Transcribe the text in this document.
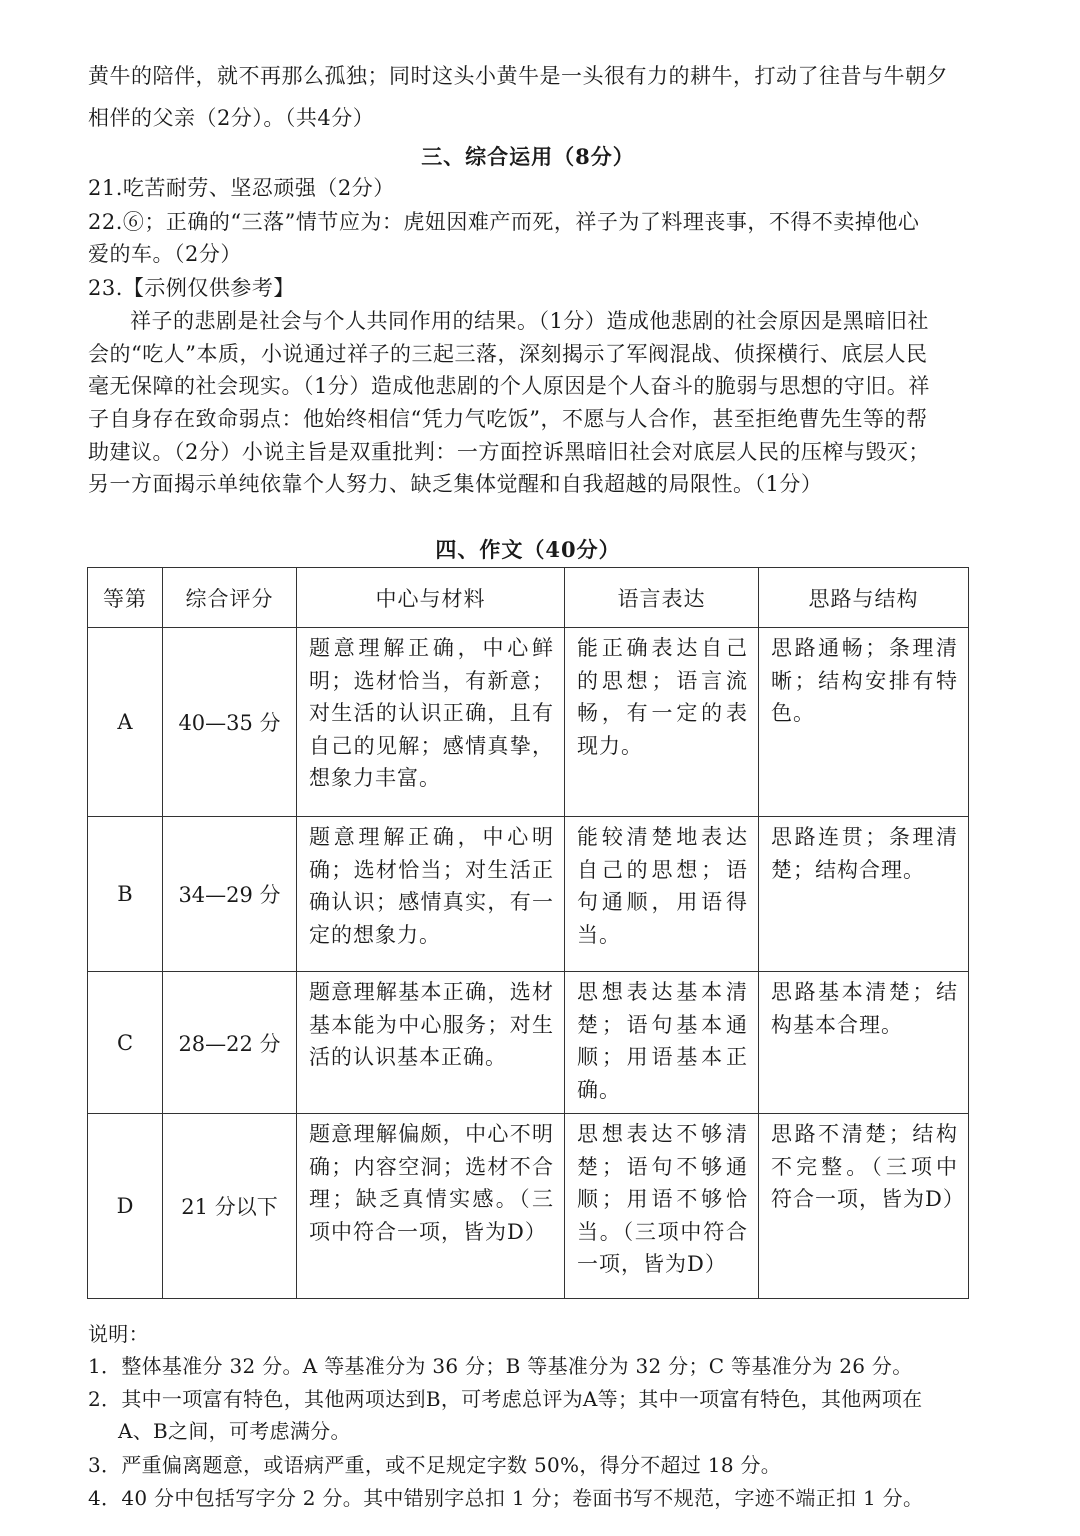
黄牛的陪伴，就不再那么孤独；同时这头小黄牛是一头很有力的耕牛，打动了往昔与牛朝夕
相伴的父亲（2分）。（共4分）
三、综合运用（8分）
21.吃苦耐劳、坚忍顽强（2分）
22.⑥；正确的“三落”情节应为：虎妞因难产而死，祥子为了料理丧事，不得不卖掉他心
爱的车。（2分）
23.【示例仅供参考】
祥子的悲剧是社会与个人共同作用的结果。（1分）造成他悲剧的社会原因是黑暗旧社
会的“吃人”本质，小说通过祥子的三起三落，深刻揭示了军阀混战、侦探横行、底层人民
毫无保障的社会现实。（1分）造成他悲剧的个人原因是个人奋斗的脆弱与思想的守旧。祥
子自身存在致命弱点：他始终相信“凭力气吃饭”，不愿与人合作，甚至拒绝曹先生等的帮
助建议。（2分）小说主旨是双重批判：一方面控诉黑暗旧社会对底层人民的压榨与毁灭；
另一方面揭示单纯依靠个人努力、缺乏集体觉醒和自我超越的局限性。（1分）
四、作文（40分）
等第	综合评分	中心与材料	语言表达	思路与结构
A	40—35 分	题意理解正确，中心鲜明；选材恰当，有新意；对生活的认识正确，且有自己的见解；感情真挚，想象力丰富。	能正确表达自己的思想；语言流畅，有一定的表现力。	思路通畅；条理清晰；结构安排有特色。
B	34—29 分	题意理解正确，中心明确；选材恰当；对生活正确认识；感情真实，有一定的想象力。	能较清楚地表达自己的思想；语句通顺，用语得当。	思路连贯；条理清楚；结构合理。
C	28—22 分	题意理解基本正确，选材基本能为中心服务；对生活的认识基本正确。	思想表达基本清楚；语句基本通顺；用语基本正确。	思路基本清楚；结构基本合理。
D	21 分以下	题意理解偏颇，中心不明确；内容空洞；选材不合理；缺乏真情实感。（三项中符合一项，皆为D）	思想表达不够清楚；语句不够通顺；用语不够恰当。（三项中符合一项，皆为D）	思路不清楚；结构不完整。（三项中符合一项，皆为D）
说明：
1．整体基准分 32 分。A 等基准分为 36 分；B 等基准分为 32 分；C 等基准分为 26 分。
2．其中一项富有特色，其他两项达到B，可考虑总评为A等；其中一项富有特色，其他两项在
A、B之间，可考虑满分。
3．严重偏离题意，或语病严重，或不足规定字数 50%，得分不超过 18 分。
4．40 分中包括写字分 2 分。其中错别字总扣 1 分；卷面书写不规范，字迹不端正扣 1 分。
